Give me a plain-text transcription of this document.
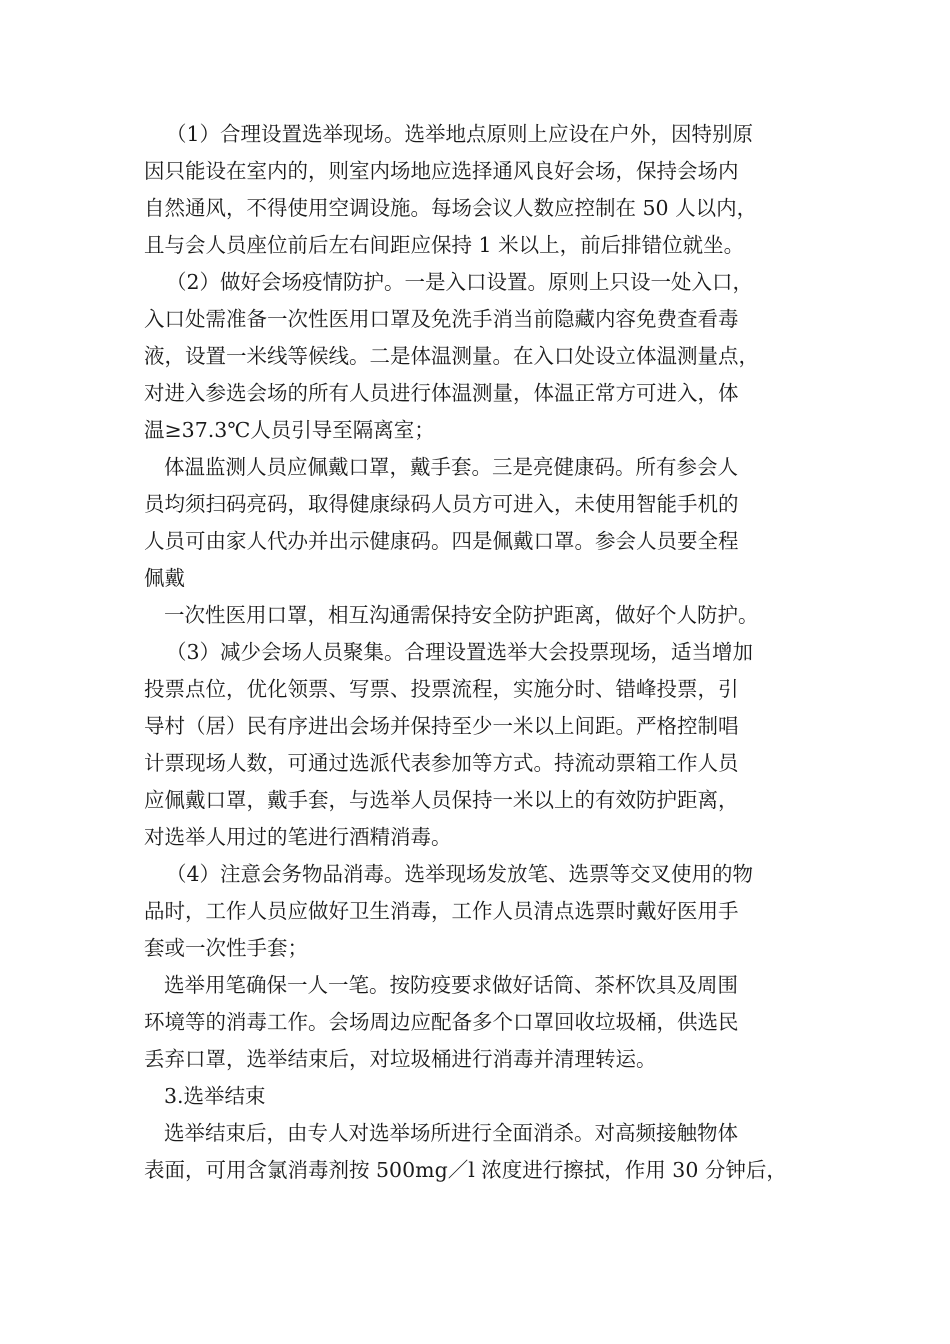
（1）合理设置选举现场。选举地点原则上应设在户外，因特别原
因只能设在室内的，则室内场地应选择通风良好会场，保持会场内
自然通风，不得使用空调设施。每场会议人数应控制在 50 人以内，
且与会人员座位前后左右间距应保持 1 米以上，前后排错位就坐。
（2）做好会场疫情防护。一是入口设置。原则上只设一处入口，
入口处需准备一次性医用口罩及免洗手消当前隐藏内容免费查看毒
液，设置一米线等候线。二是体温测量。在入口处设立体温测量点，
对进入参选会场的所有人员进行体温测量，体温正常方可进入，体
温≥37.3℃人员引导至隔离室；
体温监测人员应佩戴口罩，戴手套。三是亮健康码。所有参会人
员均须扫码亮码，取得健康绿码人员方可进入，未使用智能手机的
人员可由家人代办并出示健康码。四是佩戴口罩。参会人员要全程
佩戴
一次性医用口罩，相互沟通需保持安全防护距离，做好个人防护。
（3）减少会场人员聚集。合理设置选举大会投票现场，适当增加
投票点位，优化领票、写票、投票流程，实施分时、错峰投票，引
导村（居）民有序进出会场并保持至少一米以上间距。严格控制唱
计票现场人数，可通过选派代表参加等方式。持流动票箱工作人员
应佩戴口罩，戴手套，与选举人员保持一米以上的有效防护距离，
对选举人用过的笔进行酒精消毒。
（4）注意会务物品消毒。选举现场发放笔、选票等交叉使用的物
品时，工作人员应做好卫生消毒，工作人员清点选票时戴好医用手
套或一次性手套；
选举用笔确保一人一笔。按防疫要求做好话筒、茶杯饮具及周围
环境等的消毒工作。会场周边应配备多个口罩回收垃圾桶，供选民
丢弃口罩，选举结束后，对垃圾桶进行消毒并清理转运。
3.选举结束
选举结束后，由专人对选举场所进行全面消杀。对高频接触物体
表面，可用含氯消毒剂按 500mg／l 浓度进行擦拭，作用 30 分钟后，
